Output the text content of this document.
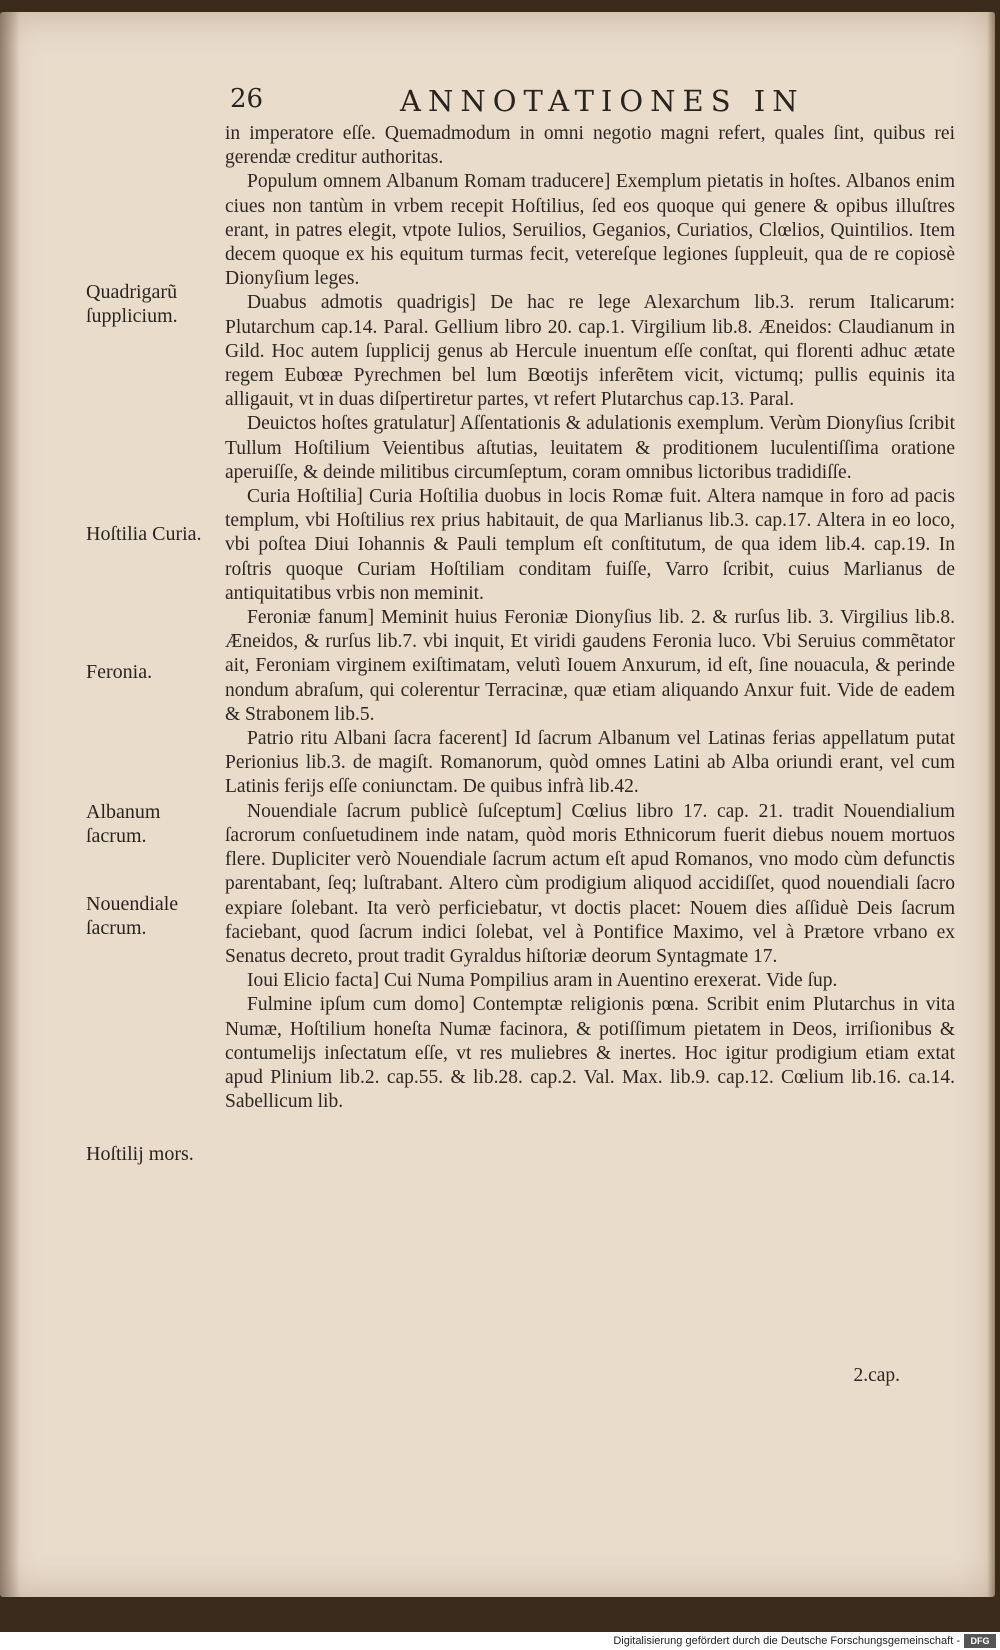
26	ANNOTATIONES IN
Quadrigarũ ſupplicium.
Hoſtilia Curia.
Feronia.
Albanum ſacrum.
Nouendiale ſacrum.
Hoſtilij mors.

in imperatore eſſe. Quemadmodum in omni negotio magni refert, quales ſint, quibus rei gerendæ creditur authoritas.

Populum omnem Albanum Romam traducere] Exemplum pietatis in hoſtes. Albanos enim ciues non tantùm in vrbem recepit Hoſtilius, ſed eos quoque qui genere & opibus illuſtres erant, in patres elegit, vtpote Iulios, Seruilios, Geganios, Curiatios, Clœlios, Quintilios. Item decem quoque ex his equitum turmas fecit, vetereſque legiones ſuppleuit, qua de re copiosè Dionyſium leges.

Duabus admotis quadrigis] De hac re lege Alexarchum lib.3. rerum Italicarum: Plutarchum cap.14. Paral. Gellium libro 20. cap.1. Virgilium lib.8. Æneidos: Claudianum in Gild. Hoc autem ſupplicij genus ab Hercule inuentum eſſe conſtat, qui florenti adhuc ætate regem Eubœæ Pyrechmen bel lum Bœotijs inferẽtem vicit, victumq; pullis equinis ita alligauit, vt in duas diſpertiretur partes, vt refert Plutarchus cap.13. Paral.

Deuictos hoſtes gratulatur] Aſſentationis & adulationis exemplum. Verùm Dionyſius ſcribit Tullum Hoſtilium Veientibus aſtutias, leuitatem & proditionem luculentiſſima oratione aperuiſſe, & deinde militibus circumſeptum, coram omnibus lictoribus tradidiſſe.

Curia Hoſtilia] Curia Hoſtilia duobus in locis Romæ fuit. Altera namque in foro ad pacis templum, vbi Hoſtilius rex prius habitauit, de qua Marlianus lib.3. cap.17. Altera in eo loco, vbi poſtea Diui Iohannis & Pauli templum eſt conſtitutum, de qua idem lib.4. cap.19. In roſtris quoque Curiam Hoſtiliam conditam fuiſſe, Varro ſcribit, cuius Marlianus de antiquitatibus vrbis non meminit.

Feroniæ fanum] Meminit huius Feroniæ Dionyſius lib. 2. & rurſus lib. 3. Virgilius lib.8. Æneidos, & rurſus lib.7. vbi inquit, Et viridi gaudens Feronia luco. Vbi Seruius commẽtator ait, Feroniam virginem exiſtimatam, velutì Iouem Anxurum, id eſt, ſine nouacula, & perinde nondum abraſum, qui colerentur Terracinæ, quæ etiam aliquando Anxur fuit. Vide de eadem & Strabonem lib.5.

Patrio ritu Albani ſacra facerent] Id ſacrum Albanum vel Latinas ferias appellatum putat Perionius lib.3. de magiſt. Romanorum, quòd omnes Latini ab Alba oriundi erant, vel cum Latinis ferijs eſſe coniunctam. De quibus infrà lib.42.

Nouendiale ſacrum publicè ſuſceptum] Cœlius libro 17. cap. 21. tradit Nouendialium ſacrorum conſuetudinem inde natam, quòd moris Ethnicorum fuerit diebus nouem mortuos flere. Dupliciter verò Nouendiale ſacrum actum eſt apud Romanos, vno modo cùm defunctis parentabant, ſeq; luſtrabant. Altero cùm prodigium aliquod accidiſſet, quod nouendiali ſacro expiare ſolebant. Ita verò perficiebatur, vt doctis placet: Nouem dies aſſiduè Deis ſacrum faciebant, quod ſacrum indici ſolebat, vel à Pontifice Maximo, vel à Prætore vrbano ex Senatus decreto, prout tradit Gyraldus hiſtoriæ deorum Syntagmate 17.

Ioui Elicio facta] Cui Numa Pompilius aram in Auentino erexerat. Vide ſup.

Fulmine ipſum cum domo] Contemptæ religionis pœna. Scribit enim Plutarchus in vita Numæ, Hoſtilium honeſta Numæ facinora, & potiſſimum pietatem in Deos, irriſionibus & contumelijs inſectatum eſſe, vt res muliebres & inertes. Hoc igitur prodigium etiam extat apud Plinium lib.2. cap.55. & lib.28. cap.2. Val. Max. lib.9. cap.12. Cœlium lib.16. ca.14. Sabellicum lib.

2.cap.
Digitalisierung gefördert durch die Deutsche Forschungsgemeinschaft -	DFG
